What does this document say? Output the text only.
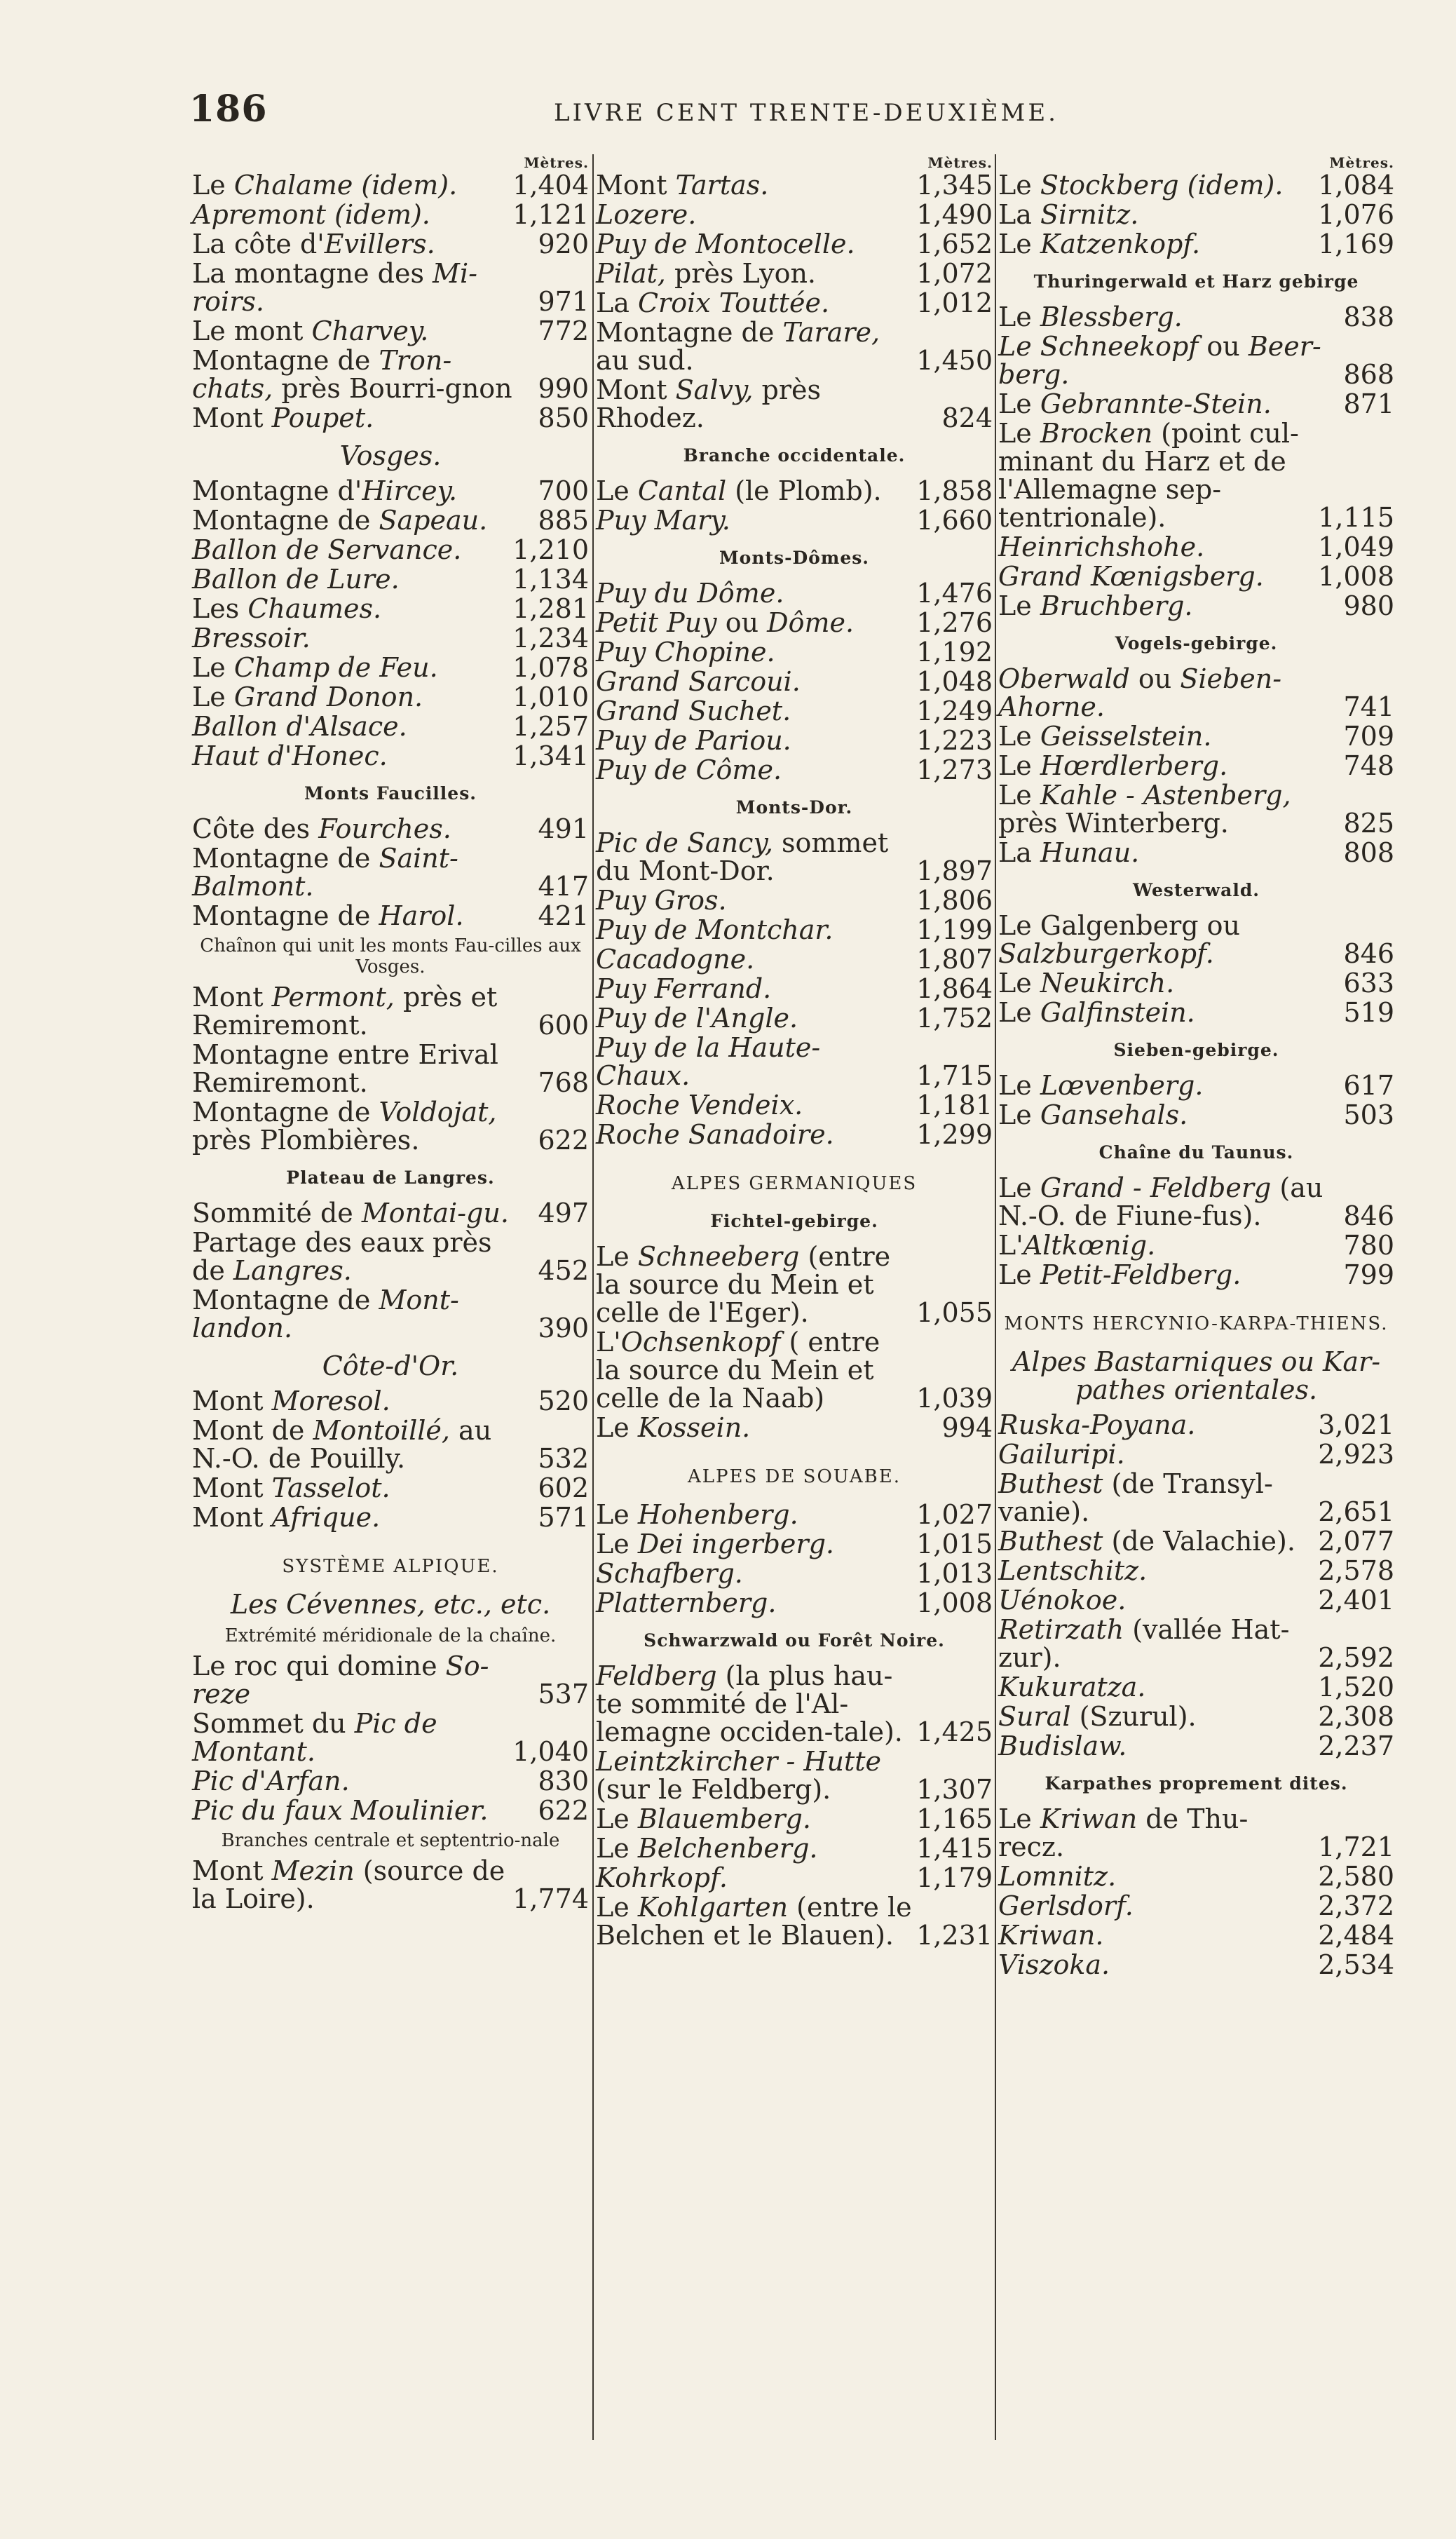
186	LIVRE CENT TRENTE-DEUXIÈME.
Mètres.
Le Chalame (idem).	1,404
Apremont (idem).	1,121
La côte d'Evillers.	920
La montagne des Mi-roirs.	971
Le mont Charvey.	772
Montagne de Tron-chats, près Bourri-gnon 990
Mont Poupet.	850
Vosges.
Montagne d'Hircey.	700
Montagne de Sapeau.	885
Ballon de Servance.	1,210
Ballon de Lure.	1,134
Les Chaumes.	1,281
Bressoir.	1,234
Le Champ de Feu.	1,078
Le Grand Donon.	1,010
Ballon d'Alsace.	1,257
Haut d'Honec.	1,341
Monts Faucilles.
Côte des Fourches.	491
Montagne de Saint-Balmont.	417
Montagne de Harol.	421
Chaînon qui unit les monts Fau-cilles aux Vosges.
Mont Permont, près et Remiremont.	600
Montagne entre Erival Remiremont.	768
Montagne de Voldojat, près Plombières.	622
Plateau de Langres.
Sommité de Montai-gu.	497
Partage des eaux près de Langres.	452
Montagne de Mont-landon.	390
Côte-d'Or.
Mont Moresol.	520
Mont de Montoillé, au N.-O. de Pouilly.	532
Mont Tasselot.	602
Mont Afrique.	571
SYSTÈME ALPIQUE.
Les Cévennes, etc., etc.
Extrémité méridionale de la chaîne.
Le roc qui domine So-reze	537
Sommet du Pic de Montant.	1,040
Pic d'Arfan.	830
Pic du faux Moulinier.	622
Branches centrale et septentrio-nale
Mont Mezin (source de la Loire).	1,774
Mètres.
Mont Tartas.	1,345
Lozere.	1,490
Puy de Montocelle.	1,652
Pilat, près Lyon.	1,072
La Croix Touttée.	1,012
Montagne de Tarare, au sud.	1,450
Mont Salvy, près Rhodez.	824
Branche occidentale.
Le Cantal (le Plomb).	1,858
Puy Mary.	1,660
Monts-Dômes.
Puy du Dôme.	1,476
Petit Puy ou Dôme.	1,276
Puy Chopine.	1,192
Grand Sarcoui.	1,048
Grand Suchet.	1,249
Puy de Pariou.	1,223
Puy de Côme.	1,273
Monts-Dor.
Pic de Sancy, sommet du Mont-Dor.	1,897
Puy Gros.	1,806
Puy de Montchar.	1,199
Cacadogne.	1,807
Puy Ferrand.	1,864
Puy de l'Angle.	1,752
Puy de la Haute-Chaux.	1,715
Roche Vendeix.	1,181
Roche Sanadoire.	1,299
ALPES GERMANIQUES
Fichtel-gebirge.
Le Schneeberg (entre la source du Mein et celle de l'Eger).	1,055
L'Ochsenkopf ( entre la source du Mein et celle de la Naab)	1,039
Le Kossein.	994
ALPES DE SOUABE.
Le Hohenberg.	1,027
Le Dei ingerberg.	1,015
Schafberg.	1,013
Platternberg.	1,008
Schwarzwald ou Forêt Noire.
Feldberg (la plus hau-te sommité de l'Al-lemagne occiden-tale). 1,425
Leintzkircher - Hutte (sur le Feldberg).	1,307
Le Blauemberg.	1,165
Le Belchenberg.	1,415
Kohrkopf.	1,179
Le Kohlgarten (entre le Belchen et le Blauen). 1,231
Mètres.
Le Stockberg (idem).	1,084
La Sirnitz.	1,076
Le Katzenkopf.	1,169
Thuringerwald et Harz gebirge
Le Blessberg.	838
Le Schneekopf ou Beer-berg.	868
Le Gebrannte-Stein.	871
Le Brocken (point cul-minant du Harz et de l'Allemagne sep-tentrionale).	1,115
Heinrichshohe.	1,049
Grand Kœnigsberg.	1,008
Le Bruchberg.	980
Vogels-gebirge.
Oberwald ou Sieben-Ahorne.	741
Le Geisselstein.	709
Le Hœrdlerberg.	748
Le Kahle - Astenberg, près Winterberg.	825
La Hunau.	808
Westerwald.
Le Galgenberg ou Salzburgerkopf.	846
Le Neukirch.	633
Le Galfinstein.	519
Sieben-gebirge.
Le Lœvenberg.	617
Le Gansehals.	503
Chaîne du Taunus.
Le Grand - Feldberg (au N.-O. de Fiune-fus).	846
L'Altkœnig.	780
Le Petit-Feldberg.	799
MONTS HERCYNIO-KARPA-THIENS.
Alpes Bastarniques ou Kar-pathes orientales.
Ruska-Poyana.	3,021
Gailuripi.	2,923
Buthest (de Transyl-vanie).	2,651
Buthest (de Valachie). 2,077
Lentschitz.	2,578
Uénokoe.	2,401
Retirzath (vallée Hat-zur).	2,592
Kukuratza.	1,520
Sural (Szurul).	2,308
Budislaw.	2,237
Karpathes proprement dites.
Le Kriwan de Thu-recz.	1,721
Lomnitz.	2,580
Gerlsdorf.	2,372
Kriwan.	2,484
Viszoka.	2,534
